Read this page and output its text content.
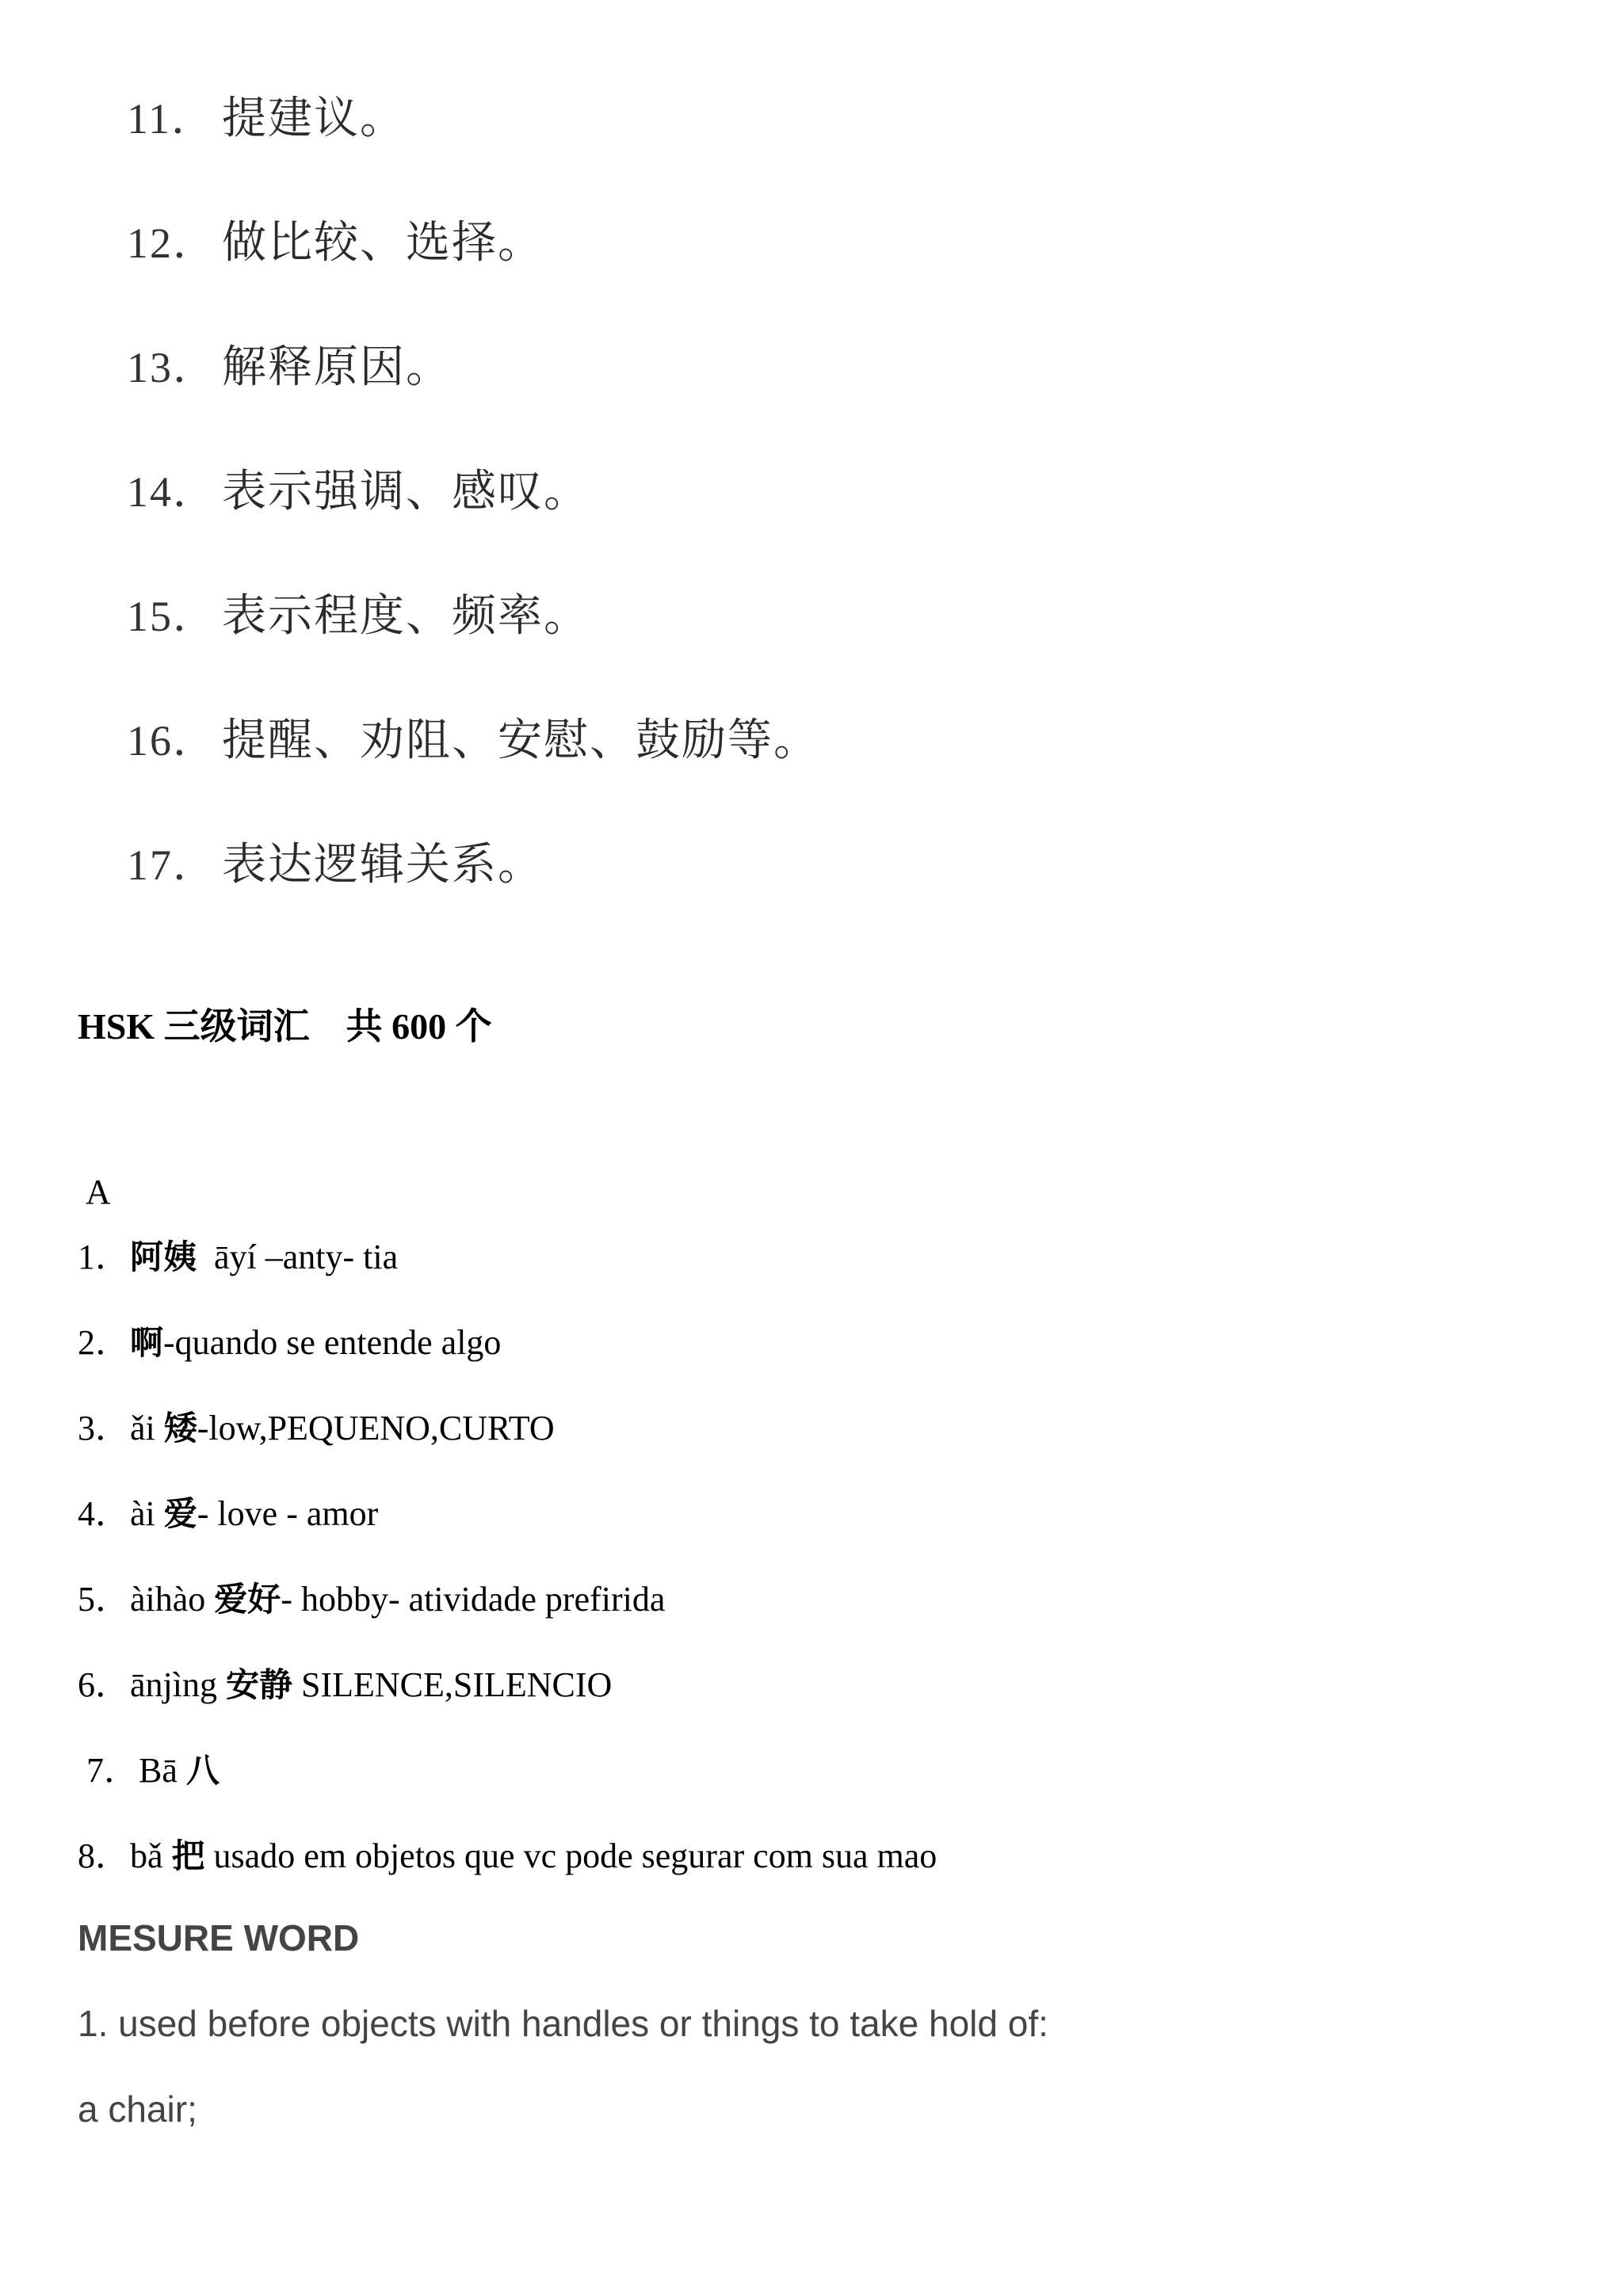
11． 提建议。
12． 做比较、选择。
13． 解释原因。
14． 表示强调、感叹。
15． 表示程度、频率。
16． 提醒、劝阻、安慰、鼓励等。
17． 表达逻辑关系。
HSK 三级词汇　共 600 个
A
1．阿姨  āyí –anty- tia
2．啊-quando se entende algo
3．ǎi 矮-low,PEQUENO,CURTO
4．ài 爱- love - amor
5．àihào 爱好- hobby- atividade prefirida
6．ānjìng 安静 SILENCE,SILENCIO
7．Bā 八
8．bǎ 把 usado em objetos que vc pode segurar com sua mao
MESURE WORD
1. used before objects with handles or things to take hold of:
a chair;
